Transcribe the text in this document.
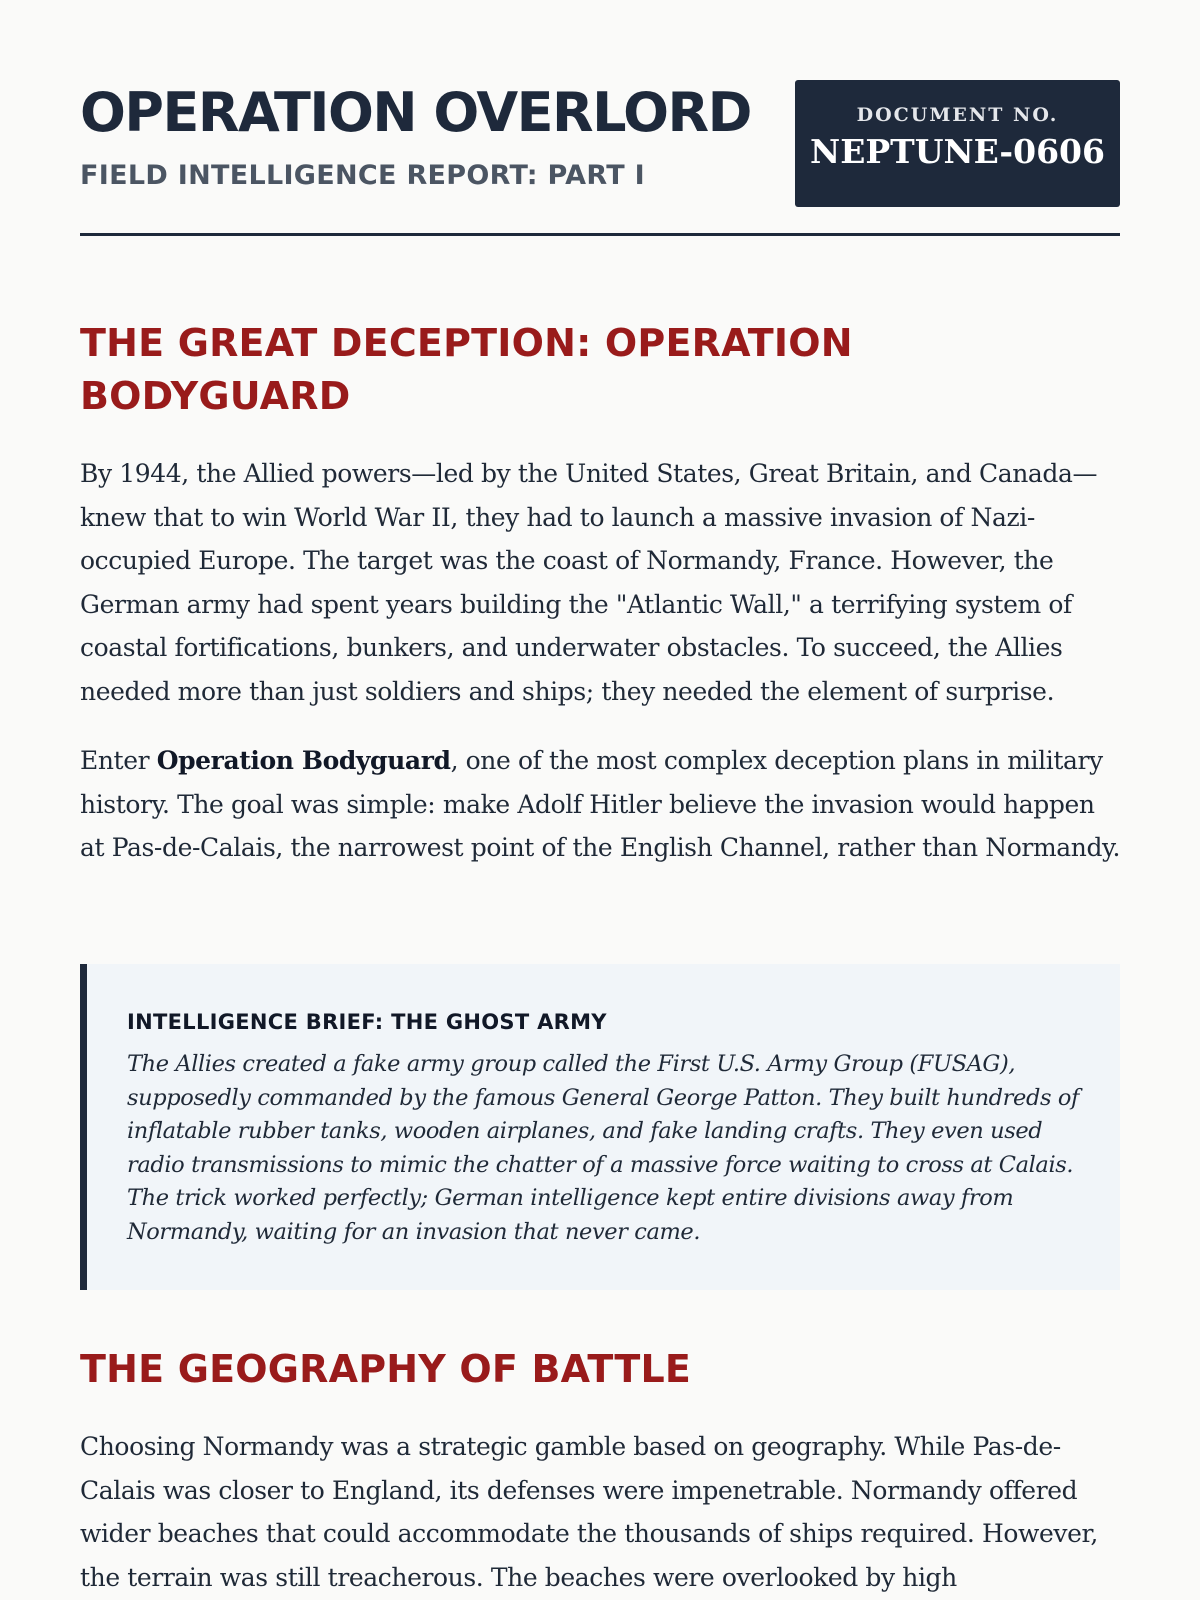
OPERATION OVERLORD
FIELD INTELLIGENCE REPORT: PART I
DOCUMENT NO.
NEPTUNE-0606
THE GREAT DECEPTION: OPERATION BODYGUARD

By 1944, the Allied powers—led by the United States, Great Britain, and Canada—knew that to win World War II, they had to launch a massive invasion of Nazi-occupied Europe. The target was the coast of Normandy, France. However, the German army had spent years building the "Atlantic Wall," a terrifying system of coastal fortifications, bunkers, and underwater obstacles. To succeed, the Allies needed more than just soldiers and ships; they needed the element of surprise.

Enter Operation Bodyguard, one of the most complex deception plans in military history. The goal was simple: make Adolf Hitler believe the invasion would happen at Pas-de-Calais, the narrowest point of the English Channel, rather than Normandy.

INTELLIGENCE BRIEF: THE GHOST ARMY

The Allies created a fake army group called the First U.S. Army Group (FUSAG), supposedly commanded by the famous General George Patton. They built hundreds of inflatable rubber tanks, wooden airplanes, and fake landing crafts. They even used radio transmissions to mimic the chatter of a massive force waiting to cross at Calais. The trick worked perfectly; German intelligence kept entire divisions away from Normandy, waiting for an invasion that never came.

THE GEOGRAPHY OF BATTLE

Choosing Normandy was a strategic gamble based on geography. While Pas-de-Calais was closer to England, its defenses were impenetrable. Normandy offered wider beaches that could accommodate the thousands of ships required. However, the terrain was still treacherous. The beaches were overlooked by high
